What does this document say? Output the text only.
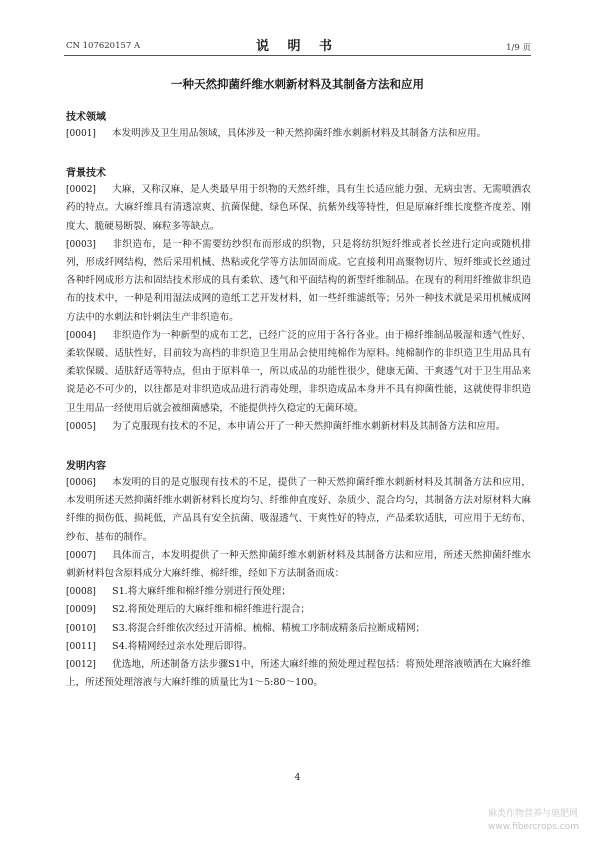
CN 107620157 A	说 明 书	1/9 页
一种天然抑菌纤维水刺新材料及其制备方法和应用
技术领域

[0001] 本发明涉及卫生用品领域，具体涉及一种天然抑菌纤维水刺新材料及其制备方法和应用。

背景技术

[0002] 大麻，又称汉麻，是人类最早用于织物的天然纤维，具有生长适应能力强、无病虫害、无需喷洒农药的特点。大麻纤维具有清透凉爽、抗菌保健、绿色环保、抗紫外线等特性，但是原麻纤维长度整齐度差、刚度大、脆硬易断裂、麻粒多等缺点。

[0003] 非织造布，是一种不需要纺纱织布而形成的织物，只是将纺织短纤维或者长丝进行定向或随机排列，形成纤网结构，然后采用机械、热粘或化学等方法加固而成。它直接利用高聚物切片、短纤维或长丝通过各种纤网成形方法和固结技术形成的具有柔软、透气和平面结构的新型纤维制品。在现有的利用纤维做非织造布的技术中，一种是利用湿法成网的造纸工艺开发材料，如一些纤维滤纸等；另外一种技术就是采用机械成网方法中的水刺法和针刺法生产非织造布。

[0004] 非织造作为一种新型的成布工艺，已经广泛的应用于各行各业。由于棉纤维制品吸湿和透气性好、柔软保暖、适肤性好，目前较为高档的非织造卫生用品会使用纯棉作为原料。纯棉制作的非织造卫生用品具有柔软保暖、适肤舒适等特点，但由于原料单一，所以成品的功能性很少，健康无菌、干爽透气对于卫生用品来说是必不可少的，以往都是对非织造成品进行消毒处理，非织造成品本身并不具有抑菌性能，这就使得非织造卫生用品一经使用后就会被细菌感染，不能提供持久稳定的无菌环境。

[0005] 为了克服现有技术的不足，本申请公开了一种天然抑菌纤维水刺新材料及其制备方法和应用。

发明内容

[0006] 本发明的目的是克服现有技术的不足，提供了一种天然抑菌纤维水刺新材料及其制备方法和应用，本发明所述天然抑菌纤维水刺新材料长度均匀、纤维伸直度好、杂质少、混合均匀，其制备方法对原材料大麻纤维的损伤低、损耗低，产品具有安全抗菌、吸湿透气、干爽性好的特点，产品柔软适肤，可应用于无纺布、纱布、基布的制作。

[0007] 具体而言，本发明提供了一种天然抑菌纤维水刺新材料及其制备方法和应用，所述天然抑菌纤维水刺新材料包含原料成分大麻纤维、棉纤维，经如下方法制备而成：

[0008] S1.将大麻纤维和棉纤维分别进行预处理；

[0009] S2.将预处理后的大麻纤维和棉纤维进行混合；

[0010] S3.将混合纤维依次经过开清棉、梳棉、精梳工序制成精条后拉断成精网；

[0011] S4.将精网经过亲水处理后即得。

[0012] 优选地，所述制备方法步骤S1中，所述大麻纤维的预处理过程包括：将预处理溶液喷洒在大麻纤维上，所述预处理溶液与大麻纤维的质量比为1～5:80～100。

4
麻类作物营养与施肥网
www.fibercrops.com
